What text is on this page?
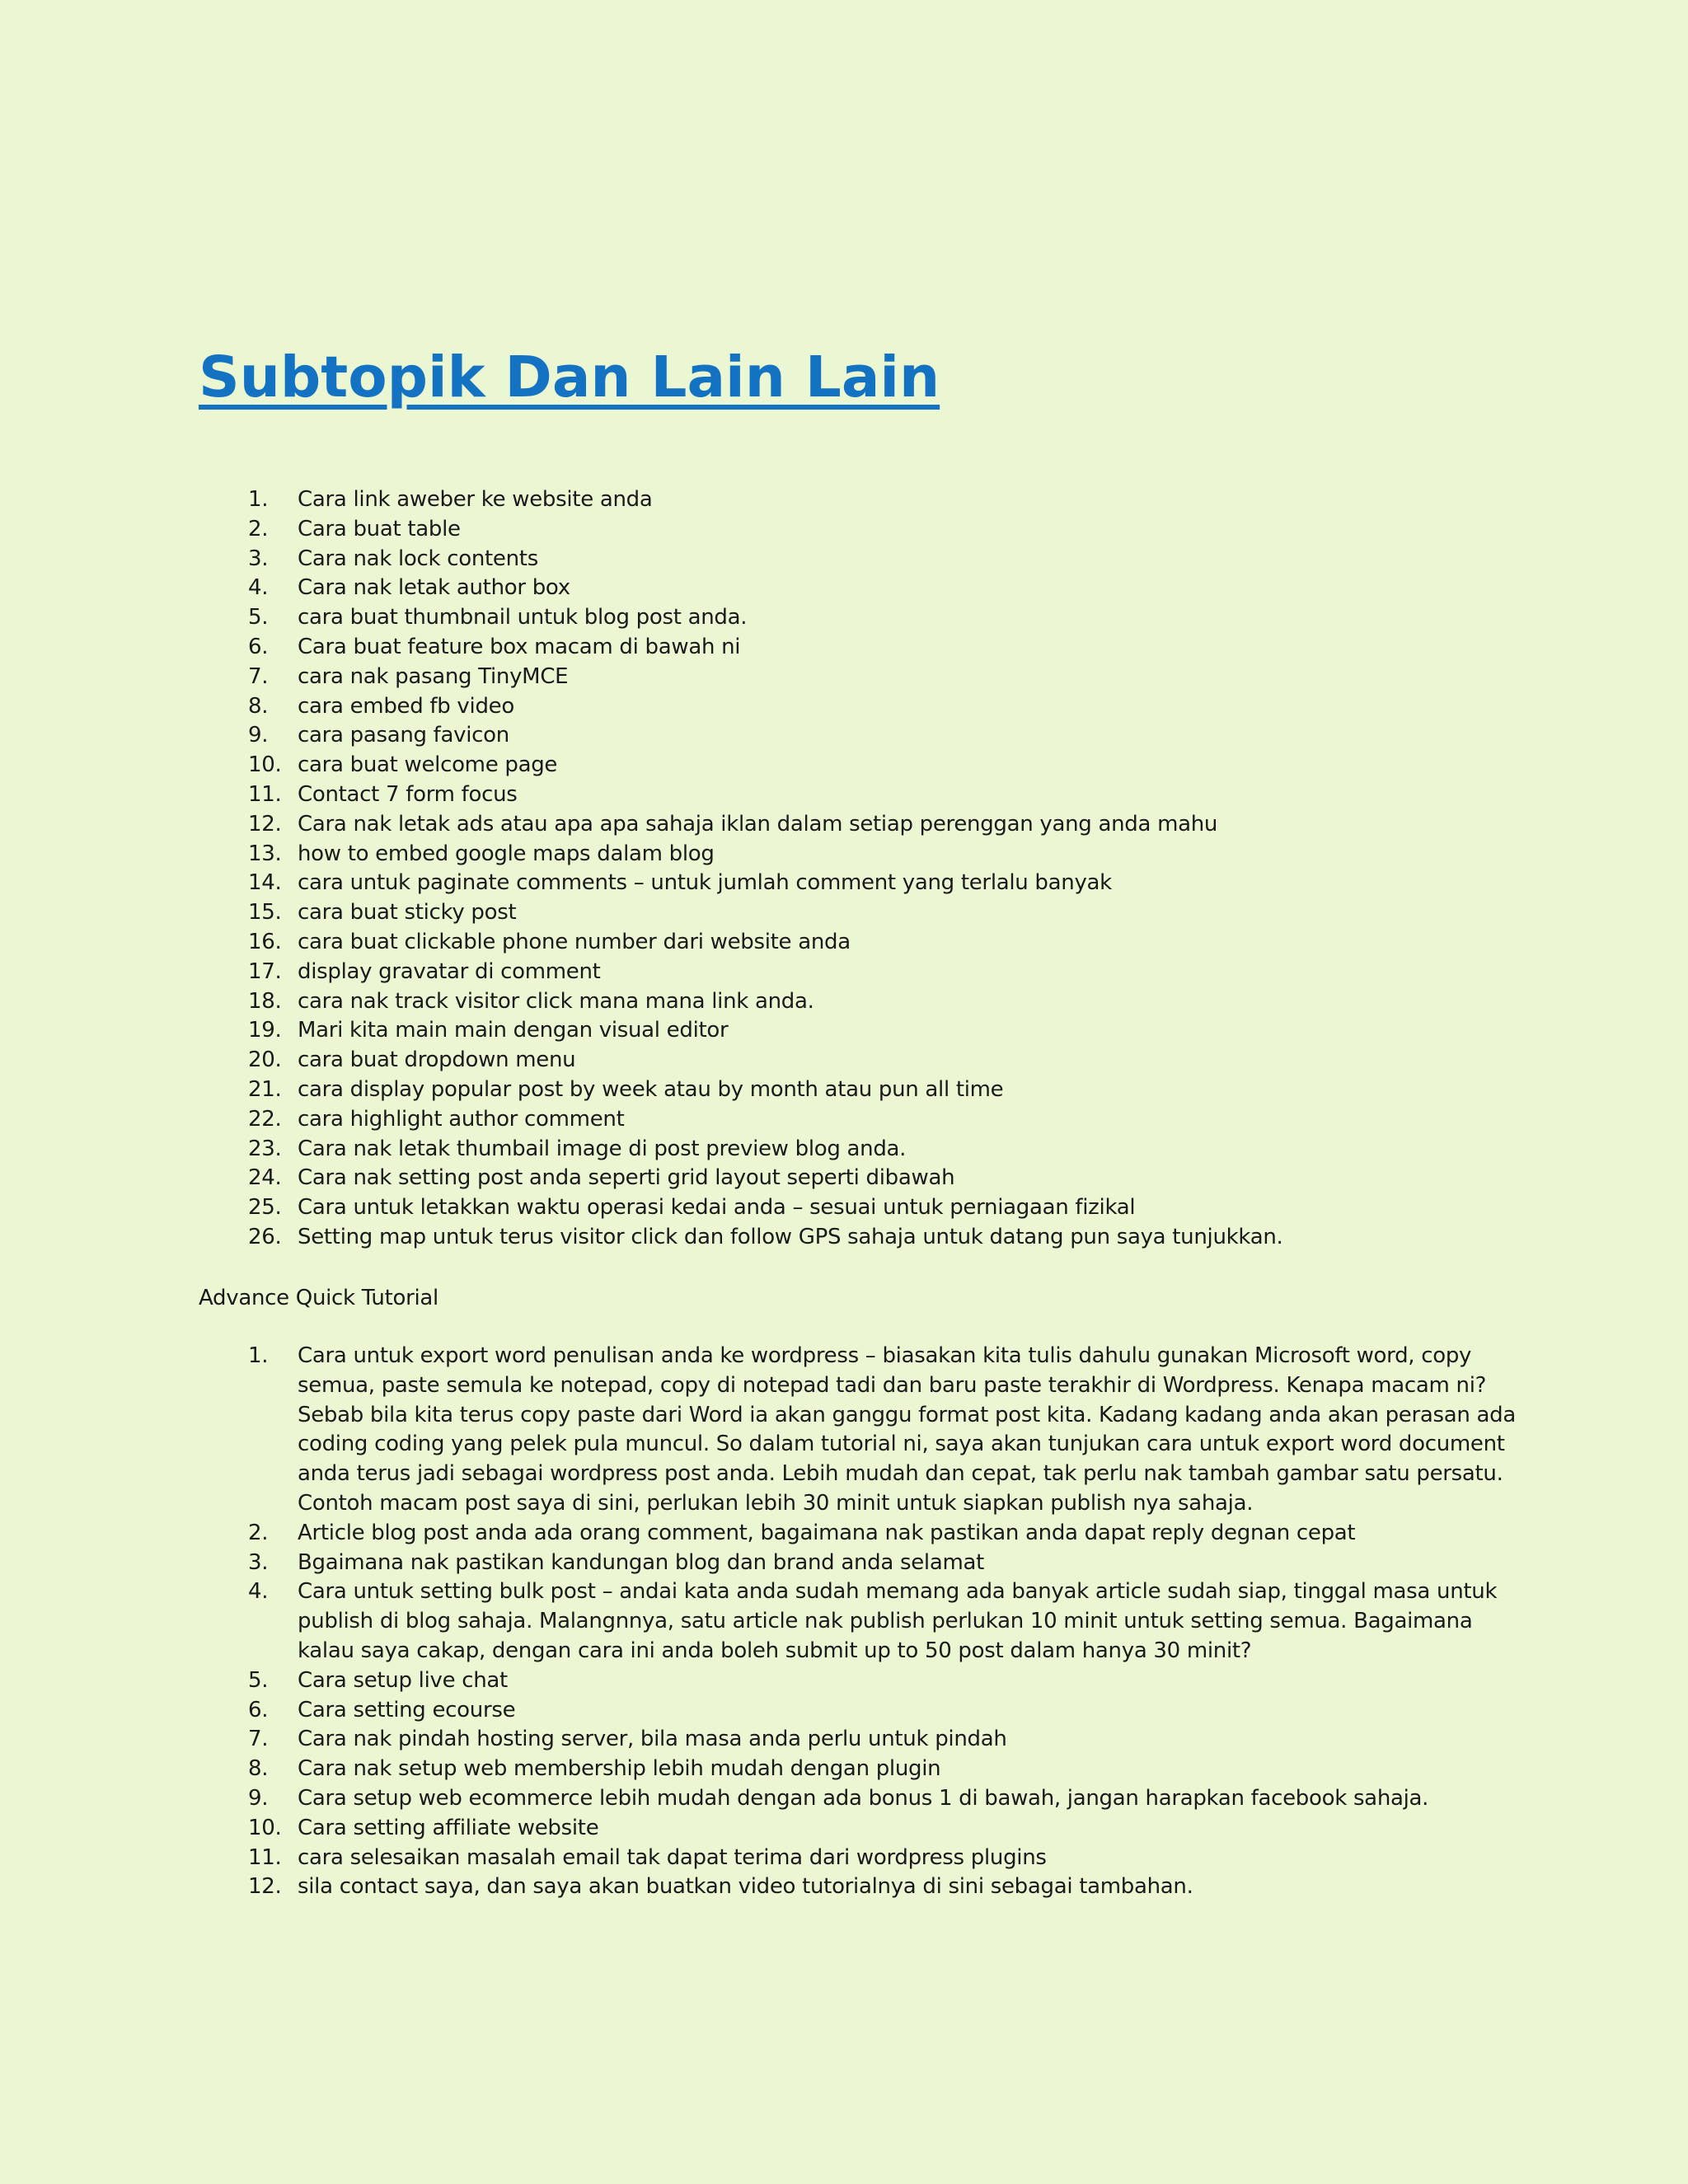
Subtopik Dan Lain Lain
1.	Cara link aweber ke website anda
2.	Cara buat table
3.	Cara nak lock contents
4.	Cara nak letak author box
5.	cara buat thumbnail untuk blog post anda.
6.	Cara buat feature box macam di bawah ni
7.	cara nak pasang TinyMCE
8.	cara embed fb video
9.	cara pasang favicon
10. cara buat welcome page
11. Contact 7 form focus
12. Cara nak letak ads atau apa apa sahaja iklan dalam setiap perenggan yang anda mahu
13. how to embed google maps dalam blog
14. cara untuk paginate comments – untuk jumlah comment yang terlalu banyak
15. cara buat sticky post
16. cara buat clickable phone number dari website anda
17. display gravatar di comment
18. cara nak track visitor click mana mana link anda.
19. Mari kita main main dengan visual editor
20. cara buat dropdown menu
21. cara display popular post by week atau by month atau pun all time
22. cara highlight author comment
23. Cara nak letak thumbail image di post preview blog anda.
24. Cara nak setting post anda seperti grid layout seperti dibawah
25. Cara untuk letakkan waktu operasi kedai anda – sesuai untuk perniagaan fizikal
26. Setting map untuk terus visitor click dan follow GPS sahaja untuk datang pun saya tunjukkan.

Advance Quick Tutorial

1.	Cara untuk export word penulisan anda ke wordpress – biasakan kita tulis dahulu gunakan Microsoft word, copy semua, paste semula ke notepad, copy di notepad tadi dan baru paste terakhir di Wordpress. Kenapa macam ni? Sebab bila kita terus copy paste dari Word ia akan ganggu format post kita. Kadang kadang anda akan perasan ada coding coding yang pelek pula muncul. So dalam tutorial ni, saya akan tunjukan cara untuk export word document anda terus jadi sebagai wordpress post anda. Lebih mudah dan cepat, tak perlu nak tambah gambar satu persatu. Contoh macam post saya di sini, perlukan lebih 30 minit untuk siapkan publish nya sahaja.
2.	Article blog post anda ada orang comment, bagaimana nak pastikan anda dapat reply degnan cepat
3.	Bgaimana nak pastikan kandungan blog dan brand anda selamat
4.	Cara untuk setting bulk post – andai kata anda sudah memang ada banyak article sudah siap, tinggal masa untuk publish di blog sahaja. Malangnnya, satu article nak publish perlukan 10 minit untuk setting semua. Bagaimana kalau saya cakap, dengan cara ini anda boleh submit up to 50 post dalam hanya 30 minit?
5.	Cara setup live chat
6.	Cara setting ecourse
7.	Cara nak pindah hosting server, bila masa anda perlu untuk pindah
8.	Cara nak setup web membership lebih mudah dengan plugin
9.	Cara setup web ecommerce lebih mudah dengan ada bonus 1 di bawah, jangan harapkan facebook sahaja.
10. Cara setting affiliate website
11. cara selesaikan masalah email tak dapat terima dari wordpress plugins
12. sila contact saya, dan saya akan buatkan video tutorialnya di sini sebagai tambahan.
